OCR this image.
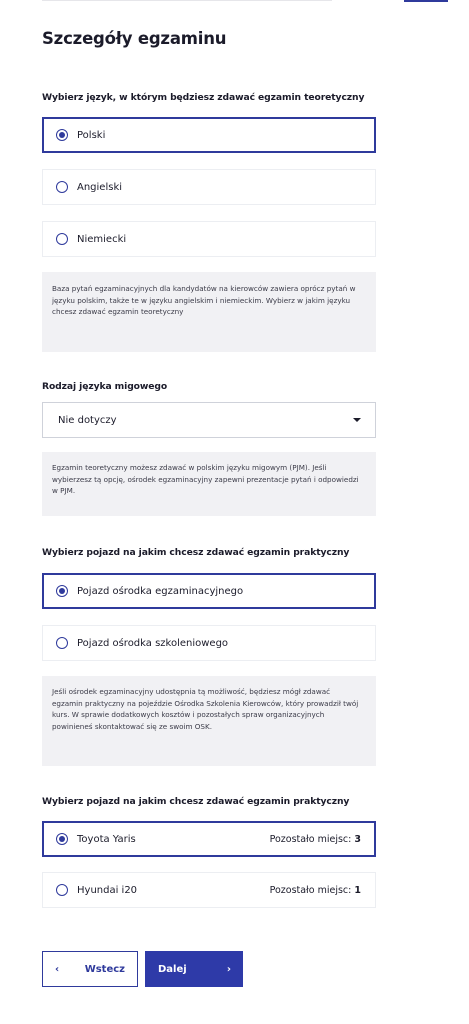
Szczegóły egzaminu
Wybierz język, w którym będziesz zdawać egzamin teoretyczny
Polski
Angielski
Niemiecki
Baza pytań egzaminacyjnych dla kandydatów na kierowców zawiera oprócz pytań w języku polskim, także te w języku angielskim i niemieckim. Wybierz w jakim języku chcesz zdawać egzamin teoretyczny
Rodzaj języka migowego
Nie dotyczy
Egzamin teoretyczny możesz zdawać w polskim języku migowym (PJM). Jeśli wybierzesz tą opcję, ośrodek egzaminacyjny zapewni prezentacje pytań i odpowiedzi w PJM.
Wybierz pojazd na jakim chcesz zdawać egzamin praktyczny
Pojazd ośrodka egzaminacyjnego
Pojazd ośrodka szkoleniowego
Jeśli ośrodek egzaminacyjny udostępnia tą możliwość, będziesz mógł zdawać egzamin praktyczny na pojeździe Ośrodka Szkolenia Kierowców, który prowadził twój kurs. W sprawie dodatkowych kosztów i pozostałych spraw organizacyjnych powinieneś skontaktować się ze swoim OSK.
Wybierz pojazd na jakim chcesz zdawać egzamin praktyczny
Toyota Yaris	Pozostało miejsc: 3
Hyundai i20	Pozostało miejsc: 1
‹	Wstecz	Dalej	›
